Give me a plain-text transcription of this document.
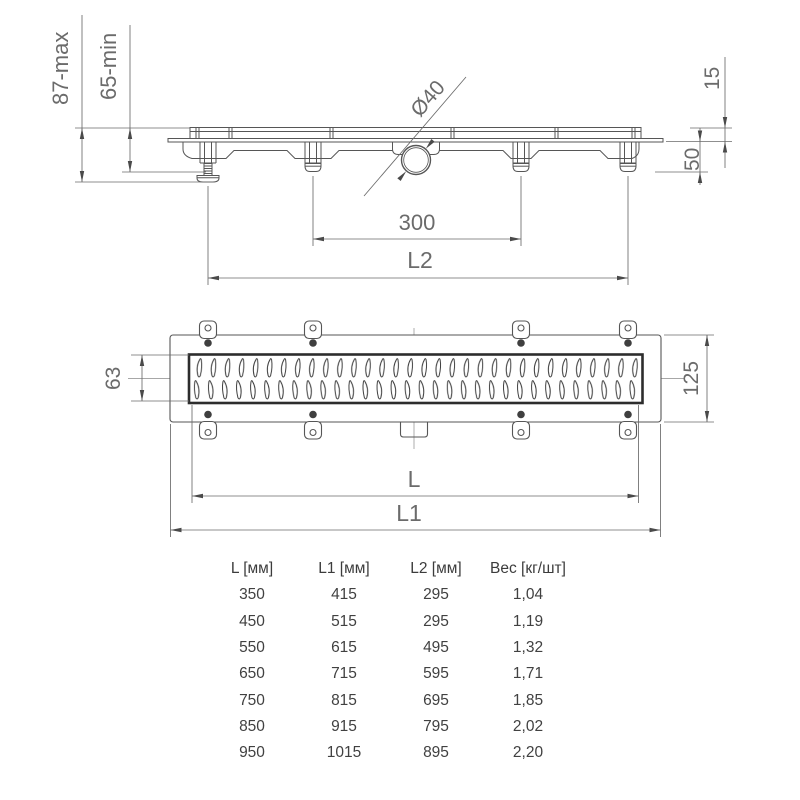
87-max 65-min	15
50
Ø40
300
L2
63	125
L
L1
L [мм]	L1 [мм]	L2 [мм]	Вес [кг/шт]
350	415	295	1,04
450	515	295	1,19
550	615	495	1,32
650	715	595	1,71
750	815	695	1,85
850	915	795	2,02
950	1015	895	2,20
